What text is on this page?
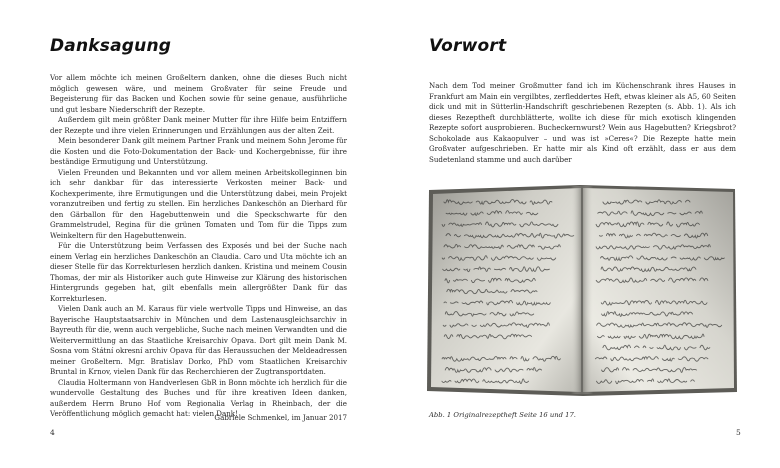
Danksagung

Vor allem möchte ich meinen Großeltern danken, ohne die dieses Buch nicht möglich gewesen wäre, und meinem Großvater für seine Freude und Begeisterung für das Backen und Kochen sowie für seine genaue, ausführliche und gut lesbare Niederschrift der Rezepte.

Außerdem gilt mein größter Dank meiner Mutter für ihre Hilfe beim Entziffern der Rezepte und ihre vielen Erinnerungen und Erzählungen aus der alten Zeit.

Mein besonderer Dank gilt meinem Partner Frank und meinem Sohn Jerome für die Kosten und die Foto-Dokumentation der Back- und Kochergebnisse, für ihre beständige Ermutigung und Unterstützung.

Vielen Freunden und Bekannten und vor allem meinen Arbeitskolleginnen bin ich sehr dankbar für das interessierte Verkosten meiner Back- und Kochexperimente, ihre Ermutigungen und die Unterstützung dabei, mein Projekt voranzutreiben und fertig zu stellen. Ein herzliches Dankeschön an Dierhard für den Gärballon für den Hagebuttenwein und die Speckschwarte für den Grammelstrudel, Regina für die grünen Tomaten und Tom für die Tipps zum Weinkeltern für den Hagebuttenwein.

Für die Unterstützung beim Verfassen des Exposés und bei der Suche nach einem Verlag ein herzliches Dankeschön an Claudia. Caro und Uta möchte ich an dieser Stelle für das Korrekturlesen herzlich danken. Kristina und meinem Cousin Thomas, der mir als Historiker auch gute Hinweise zur Klärung des historischen Hintergrunds gegeben hat, gilt ebenfalls mein allergrößter Dank für das Korrekturlesen.

Vielen Dank auch an M. Karaus für viele wertvolle Tipps und Hinweise, an das Bayerische Hauptstaatsarchiv in München und dem Lastenausgleichsarchiv in Bayreuth für die, wenn auch vergebliche, Suche nach meinen Verwandten und die Weitervermittlung an das Staatliche Kreisarchiv Opava. Dort gilt mein Dank M. Sosna vom Státní okresní archiv Opava für das Heraussuchen der Meldeadressen meiner Großeltern. Mgr. Bratislav Dorko, PhD vom Staatlichen Kreisarchiv Bruntal in Krnov, vielen Dank für das Recherchieren der Zugtransportdaten.

Claudia Holtermann von Handverlesen GbR in Bonn möchte ich herzlich für die wundervolle Gestaltung des Buches und für ihre kreativen Ideen danken, außerdem Herrn Bruno Hof vom Regionalia Verlag in Rheinbach, der die Veröffentlichung möglich gemacht hat: vielen Dank!

Gabriele Schmenkel, im Januar 2017

4

Vorwort

Nach dem Tod meiner Großmutter fand ich im Küchenschrank ihres Hauses in Frankfurt am Main ein vergilbtes, zerfleddertes Heft, etwas kleiner als A5, 60 Seiten dick und mit in Sütterlin-Handschrift geschriebenen Rezepten (s. Abb. 1). Als ich dieses Rezeptheft durchblätterte, wollte ich diese für mich exotisch klingenden Rezepte sofort ausprobieren. Bucheckernwurst? Wein aus Hagebutten? Kriegsbrot? Schokolade aus Kakaopulver – und was ist »Ceres«? Die Rezepte hatte mein Großvater aufgeschrieben. Er hatte mir als Kind oft erzählt, dass er aus dem Sudetenland stamme und auch darüber

Abb. 1 Originalrezeptheft Seite 16 und 17.

5
